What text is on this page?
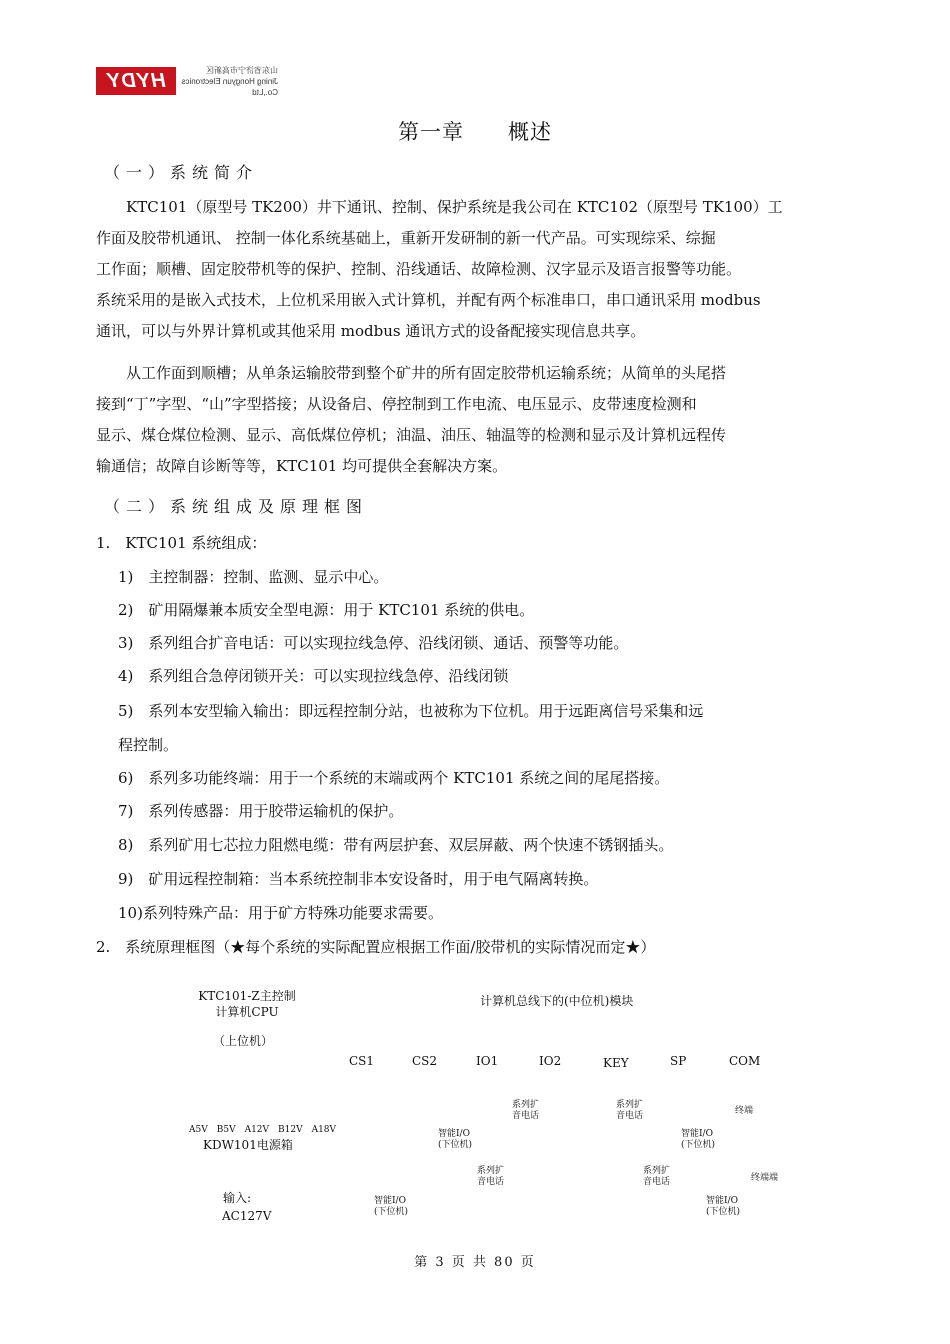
HYDY	山东省济宁市高新区
Jining Hongyun Electronics Co.,Ltd
第一章　　概述
（一）系统简介
　　KTC101（原型号 TK200）井下通讯、控制、保护系统是我公司在 KTC102（原型号 TK100）工
作面及胶带机通讯、 控制一体化系统基础上，重新开发研制的新一代产品。可实现综采、综掘
工作面；顺槽、固定胶带机等的保护、控制、沿线通话、故障检测、汉字显示及语言报警等功能。
系统采用的是嵌入式技术，上位机采用嵌入式计算机，并配有两个标准串口，串口通讯采用 modbus
通讯，可以与外界计算机或其他采用 modbus 通讯方式的设备配接实现信息共享。
　　从工作面到顺槽；从单条运输胶带到整个矿井的所有固定胶带机运输系统；从简单的头尾搭
接到“丁”字型、“山”字型搭接；从设备启、停控制到工作电流、电压显示、皮带速度检测和
显示、煤仓煤位检测、显示、高低煤位停机；油温、油压、轴温等的检测和显示及计算机远程传
输通信；故障自诊断等等，KTC101 均可提供全套解决方案。
（二）系统组成及原理框图
1.　KTC101 系统组成：
1)　主控制器：控制、监测、显示中心。
2)　矿用隔爆兼本质安全型电源：用于 KTC101 系统的供电。
3)　系列组合扩音电话：可以实现拉线急停、沿线闭锁、通话、预警等功能。
4)　系列组合急停闭锁开关：可以实现拉线急停、沿线闭锁
5)　系列本安型输入输出：即远程控制分站，也被称为下位机。用于远距离信号采集和远
程控制。
6)　系列多功能终端：用于一个系统的末端或两个 KTC101 系统之间的尾尾搭接。
7)　系列传感器：用于胶带运输机的保护。
8)　系列矿用七芯拉力阻燃电缆：带有两层护套、双层屏蔽、两个快速不锈钢插头。
9)　矿用远程控制箱：当本系统控制非本安设备时，用于电气隔离转换。
10)系列特殊产品：用于矿方特殊功能要求需要。
2.　系统原理框图（★每个系统的实际配置应根据工作面/胶带机的实际情况而定★）
KTC101-Z主控制
计算机CPU
（上位机）
计算机总线下的(中位机)模块
CS1	CS2	IO1	IO2	KEY	SP	COM
系列扩
音电话
系列扩
音电话	终端
A5V　B5V　A12V　B12V　A18V
KDW101电源箱
智能I/O
(下位机)
智能I/O
(下位机)
系列扩
音电话
系列扩
音电话	终端端
输入:
AC127V
智能I/O
(下位机)
智能I/O
(下位机)
第 3 页 共 80 页
